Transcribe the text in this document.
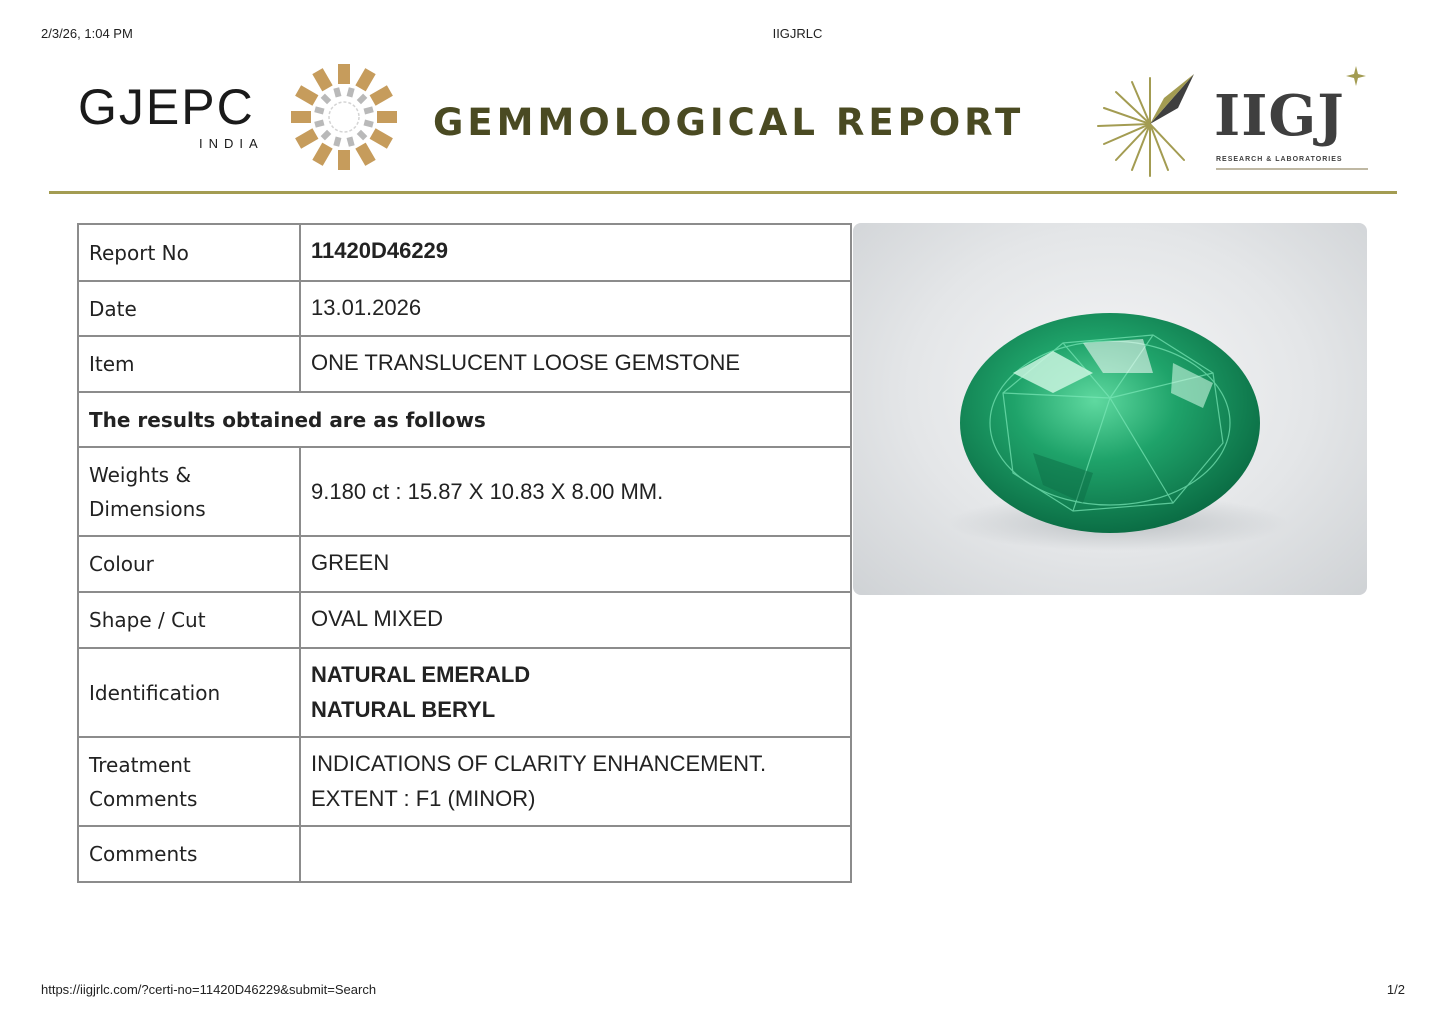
2/3/26, 1:04 PM	IIGJRLC
GJEPC
INDIA	GEMMOLOGICAL REPORT	IIGJ
RESEARCH & LABORATORIES
Report No	11420D46229
Date	13.01.2026
Item	ONE TRANSLUCENT LOOSE GEMSTONE
The results obtained are as follows	

Weights &
Dimensions	9.180 ct : 15.87 X 10.83 X 8.00 MM.
Colour	GREEN
Shape / Cut	OVAL MIXED
Identification	NATURAL EMERALD
NATURAL BERYL

Treatment
Comments	INDICATIONS OF CLARITY ENHANCEMENT.
EXTENT : F1 (MINOR)

Comments	
https://iigjrlc.com/?certi-no=11420D46229&submit=Search	1/2
